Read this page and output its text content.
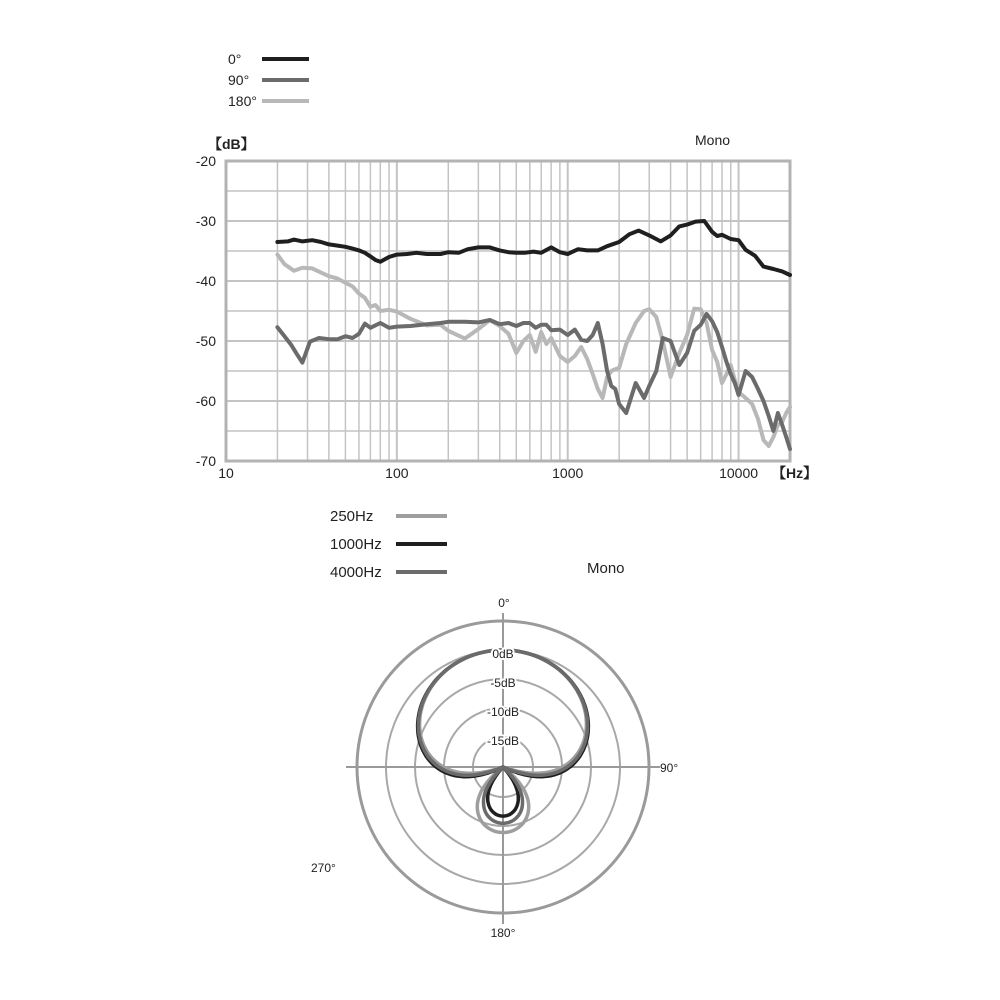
0°
90°
180°
Mono
【dB】
【Hz】
-20
-30
-40
-50
-60
-70
10	100	1000	10000
250Hz
1000Hz
4000Hz	Mono
0°
90°
180°
270°
0dB
-5dB
-10dB
-15dB
